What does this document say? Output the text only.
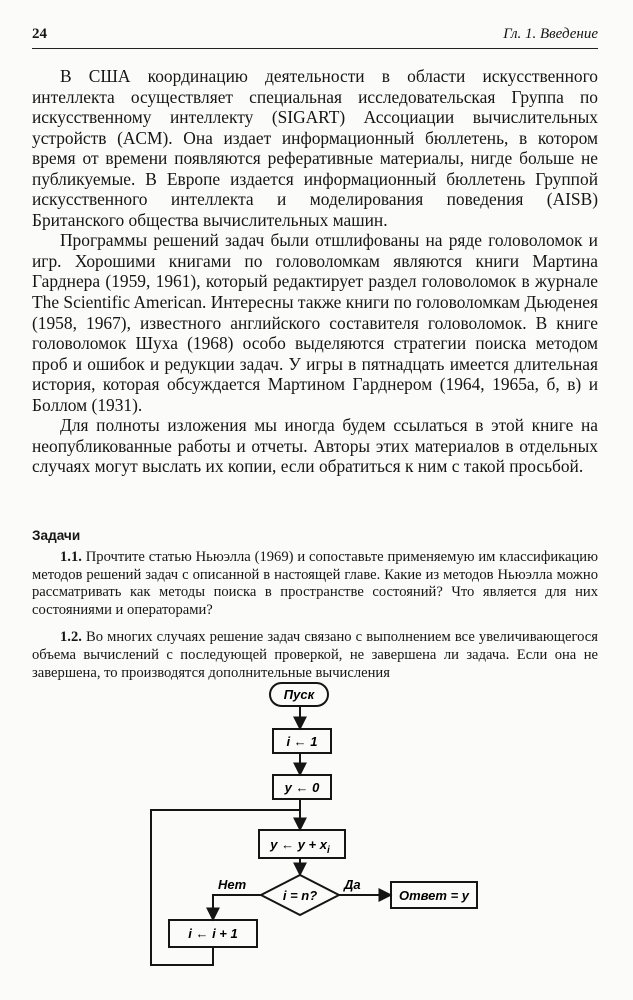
24	Гл. 1. Введение

В США координацию деятельности в области искусственного интеллекта осуществляет специальная исследовательская Группа по искусственному интеллекту (SIGART) Ассоциации вычислительных устройств (ACM). Она издает информационный бюллетень, в котором время от времени появляются реферативные материалы, нигде больше не публикуемые. В Европе издается информационный бюллетень Группой искусственного интеллекта и моделирования поведения (AISB) Британского общества вычислительных машин.

Программы решений задач были отшлифованы на ряде головоломок и игр. Хорошими книгами по головоломкам являются книги Мартина Гарднера (1959, 1961), который редактирует раздел головоломок в журнале The Scientific American. Интересны также книги по головоломкам Дьюденея (1958, 1967), известного английского составителя головоломок. В книге головоломок Шуха (1968) особо выделяются стратегии поиска методом проб и ошибок и редукции задач. У игры в пятнадцать имеется длительная история, которая обсуждается Мартином Гарднером (1964, 1965а, б, в) и Боллом (1931).

Для полноты изложения мы иногда будем ссылаться в этой книге на неопубликованные работы и отчеты. Авторы этих материалов в отдельных случаях могут выслать их копии, если обратиться к ним с такой просьбой.

Задачи

1.1. Прочтите статью Ньюэлла (1969) и сопоставьте применяемую им классификацию методов решений задач с описанной в настоящей главе. Какие из методов Ньюэлла можно рассматривать как методы поиска в пространстве состояний? Что является для них состояниями и операторами?

1.2. Во многих случаях решение задач связано с выполнением все увеличивающегося объема вычислений с последующей проверкой, не завершена ли задача. Если она не завершена, то производятся дополнительные вычисления

Пуск
i ← 1
y ← 0
y ← $y + x_i$
i = n?
Нет	Да
Ответ = y
i ← i + 1
